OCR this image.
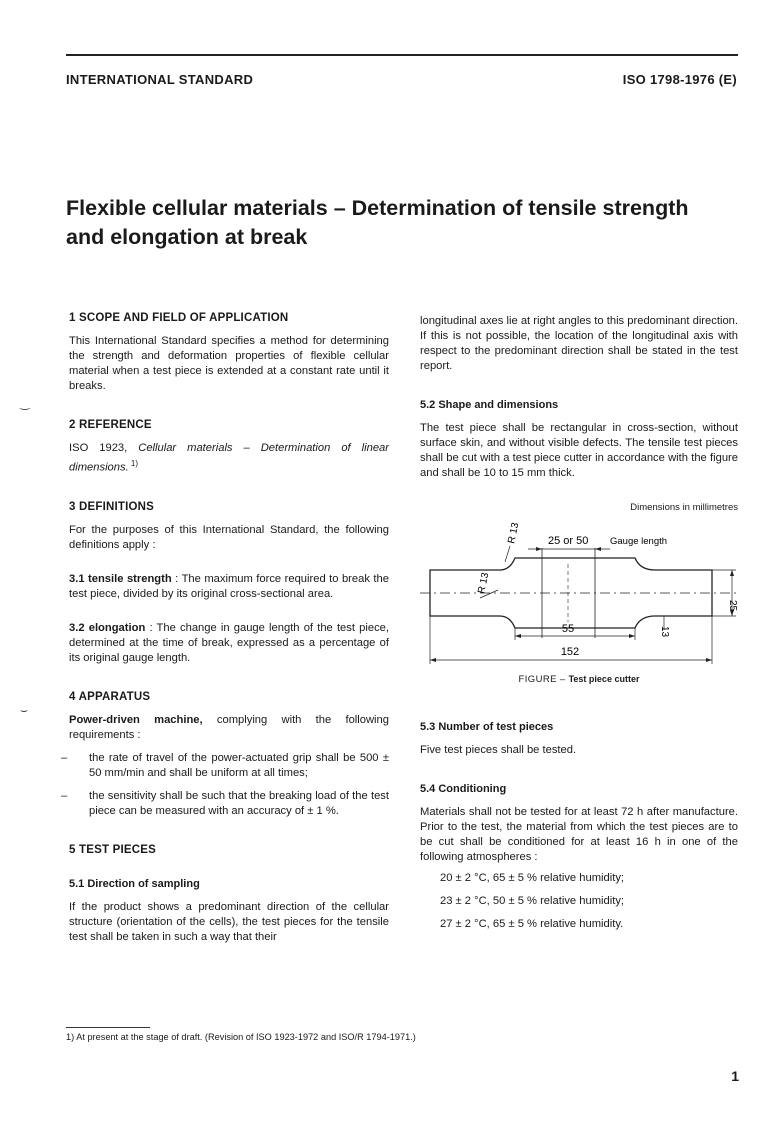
INTERNATIONAL STANDARD	ISO 1798-1976 (E)
‿
⌣
Flexible cellular materials – Determination of tensile strength and elongation at break
1 SCOPE AND FIELD OF APPLICATION

This International Standard specifies a method for determining the strength and deformation properties of flexible cellular material when a test piece is extended at a constant rate until it breaks.

2 REFERENCE

ISO 1923, Cellular materials – Determination of linear dimensions. $^{1)}$

3 DEFINITIONS

For the purposes of this International Standard, the following definitions apply :

3.1 tensile strength : The maximum force required to break the test piece, divided by its original cross-sectional area.

3.2 elongation : The change in gauge length of the test piece, determined at the time of break, expressed as a percentage of its original gauge length.

4 APPARATUS

Power-driven machine, complying with the following requirements :

– the rate of travel of the power-actuated grip shall be 500 ± 50 mm/min and shall be uniform at all times;

– the sensitivity shall be such that the breaking load of the test piece can be measured with an accuracy of ± 1 %.

5 TEST PIECES
5.1 Direction of sampling

If the product shows a predominant direction of the cellular structure (orientation of the cells), the test pieces for the tensile test shall be taken in such a way that their

longitudinal axes lie at right angles to this predominant direction. If this is not possible, the location of the longitudinal axis with respect to the predominant direction shall be stated in the test report.

5.2 Shape and dimensions

The test piece shall be rectangular in cross-section, without surface skin, and without visible defects. The tensile test pieces shall be cut with a test piece cutter in accordance with the figure and shall be 10 to 15 mm thick.

Dimensions in millimetres
25 or 50 Gauge length
R 13
R 13
55
152
25
13
FIGURE – Test piece cutter
5.3 Number of test pieces

Five test pieces shall be tested.

5.4 Conditioning

Materials shall not be tested for at least 72 h after manufacture. Prior to the test, the material from which the test pieces are to be cut shall be conditioned for at least 16 h in one of the following atmospheres :

20 ± 2 °C, 65 ± 5 % relative humidity;

23 ± 2 °C, 50 ± 5 % relative humidity;

27 ± 2 °C, 65 ± 5 % relative humidity.

1) At present at the stage of draft. (Revision of ISO 1923-1972 and ISO/R 1794-1971.)
1
